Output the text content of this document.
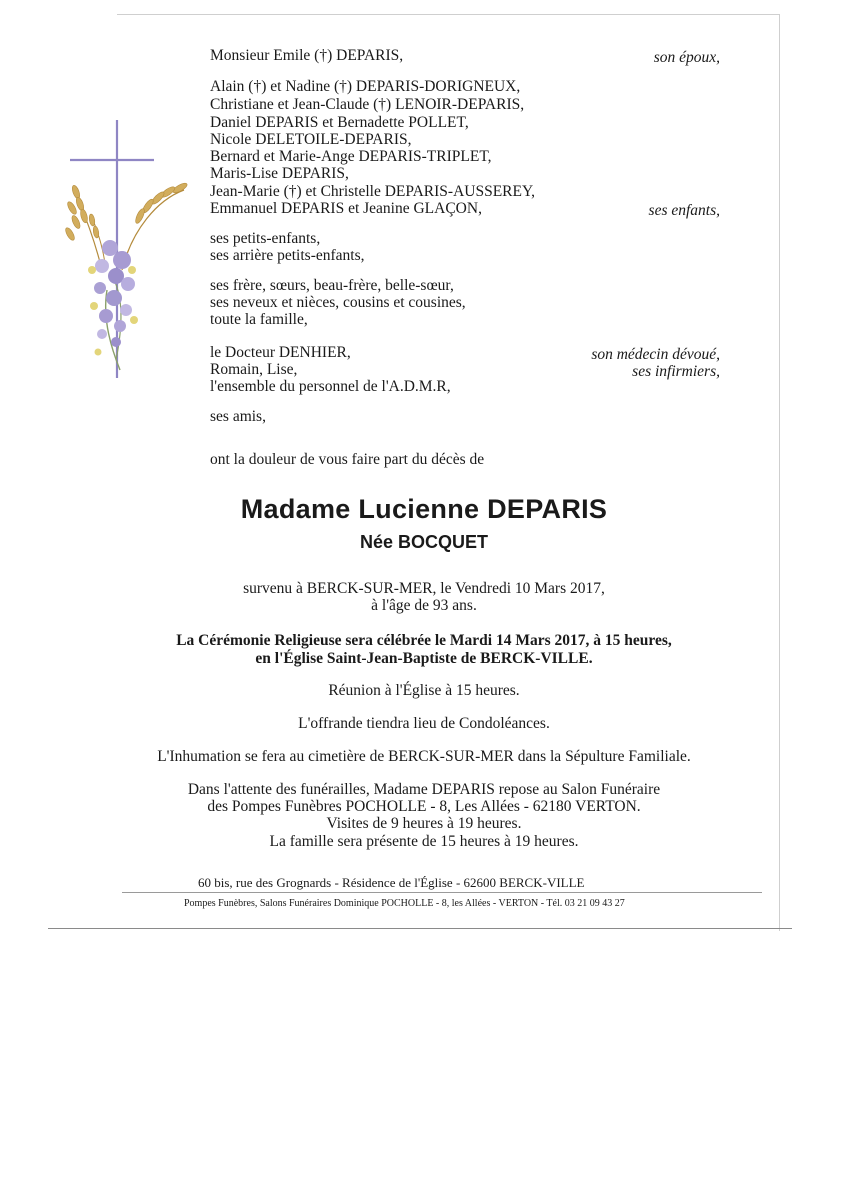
Monsieur Emile (†) DEPARIS,	son époux,
Alain (†) et Nadine (†) DEPARIS-DORIGNEUX,
Christiane et Jean-Claude (†) LENOIR-DEPARIS,
Daniel DEPARIS et Bernadette POLLET,
Nicole DELETOILE-DEPARIS,
Bernard et Marie-Ange DEPARIS-TRIPLET,
Maris-Lise DEPARIS,
Jean-Marie (†) et Christelle DEPARIS-AUSSEREY,
Emmanuel DEPARIS et Jeanine GLAÇON,	ses enfants,
ses petits-enfants,
ses arrière petits-enfants,
ses frère, sœurs, beau-frère, belle-sœur,
ses neveux et nièces, cousins et cousines,
toute la famille,
le Docteur DENHIER,
Romain, Lise,
l'ensemble du personnel de l'A.D.M.R,
son médecin dévoué,
ses infirmiers,
ses amis,
ont la douleur de vous faire part du décès de
Madame Lucienne DEPARIS
Née BOCQUET
survenu à BERCK-SUR-MER, le Vendredi 10 Mars 2017,
à l'âge de 93 ans.
La Cérémonie Religieuse sera célébrée le Mardi 14 Mars 2017, à 15 heures,
en l'Église Saint-Jean-Baptiste de BERCK-VILLE.
Réunion à l'Église à 15 heures.
L'offrande tiendra lieu de Condoléances.
L'Inhumation se fera au cimetière de BERCK-SUR-MER dans la Sépulture Familiale.
Dans l'attente des funérailles, Madame DEPARIS repose au Salon Funéraire
des Pompes Funèbres POCHOLLE - 8, Les Allées - 62180 VERTON.
Visites de 9 heures à 19 heures.
La famille sera présente de 15 heures à 19 heures.
60 bis, rue des Grognards - Résidence de l'Église - 62600 BERCK-VILLE
Pompes Funèbres, Salons Funéraires Dominique POCHOLLE - 8, les Allées - VERTON - Tél. 03 21 09 43 27
